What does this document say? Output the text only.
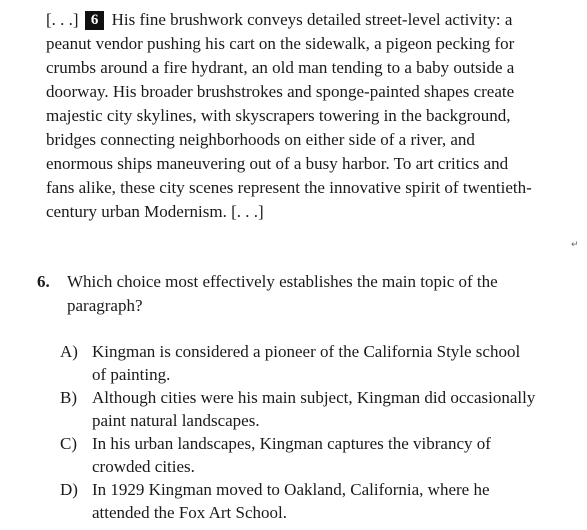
[. . .] 6 His fine brushwork conveys detailed street-level activity: a
peanut vendor pushing his cart on the sidewalk, a pigeon pecking for
crumbs around a fire hydrant, an old man tending to a baby outside a
doorway. His broader brushstrokes and sponge-painted shapes create
majestic city skylines, with skyscrapers towering in the background,
bridges connecting neighborhoods on either side of a river, and
enormous ships maneuvering out of a busy harbor. To art critics and
fans alike, these city scenes represent the innovative spirit of twentieth-
century urban Modernism. [. . .]
↵
6. Which choice most effectively establishes the main topic of the
paragraph?
A) Kingman is considered a pioneer of the California Style school
of painting.
B) Although cities were his main subject, Kingman did occasionally
paint natural landscapes.
C) In his urban landscapes, Kingman captures the vibrancy of
crowded cities.
D) In 1929 Kingman moved to Oakland, California, where he
attended the Fox Art School.
